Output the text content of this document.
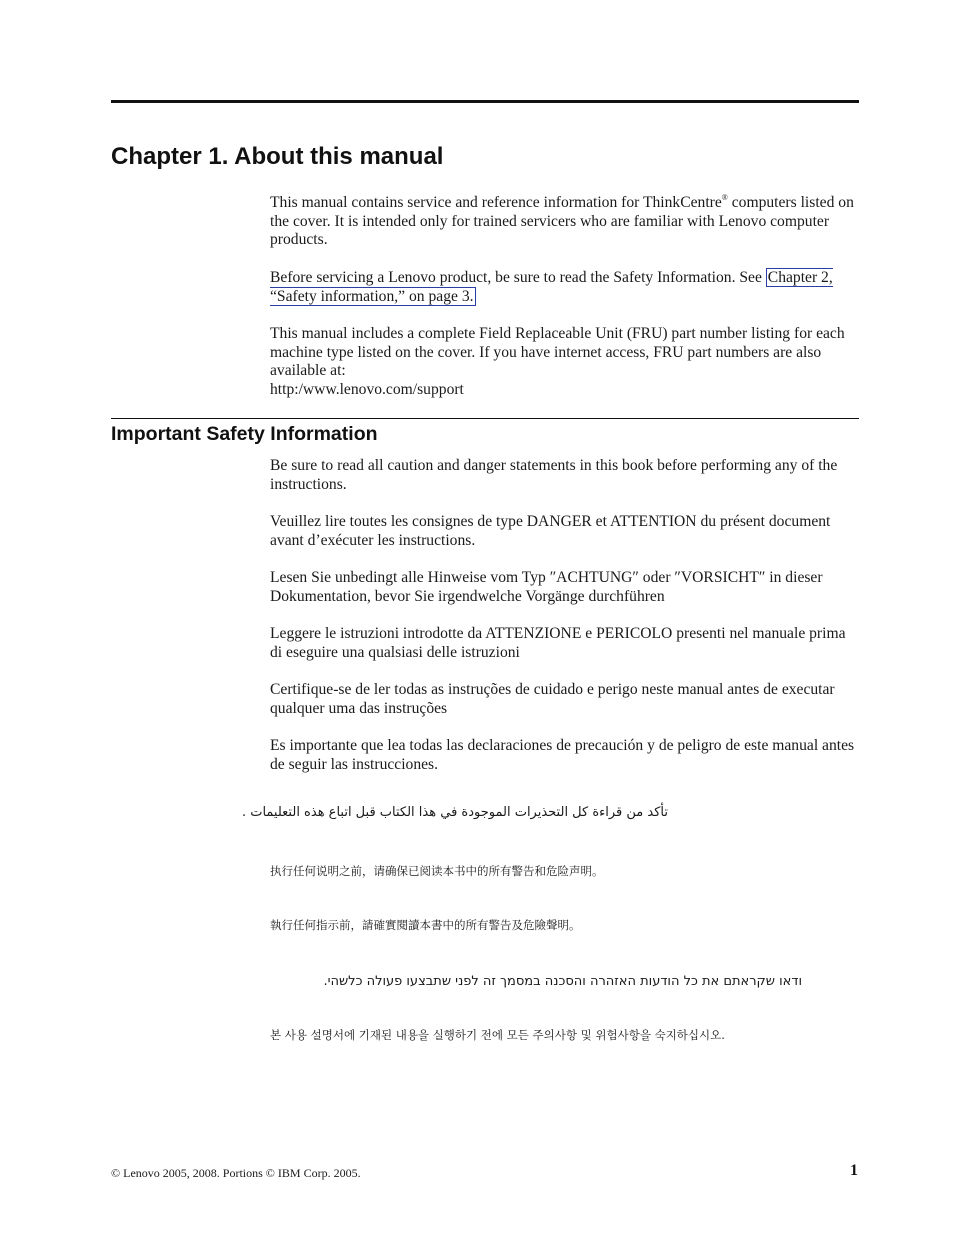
Chapter 1. About this manual

This manual contains service and reference information for ThinkCentre® computers listed on the cover. It is intended only for trained servicers who are familiar with Lenovo computer products.

Before servicing a Lenovo product, be sure to read the Safety Information. See Chapter 2, “Safety information,” on page 3.

This manual includes a complete Field Replaceable Unit (FRU) part number listing for each machine type listed on the cover. If you have internet access, FRU part numbers are also available at:

http:/www.lenovo.com/support

Important Safety Information

Be sure to read all caution and danger statements in this book before performing any of the instructions.

Veuillez lire toutes les consignes de type DANGER et ATTENTION du présent document avant d’exécuter les instructions.

Lesen Sie unbedingt alle Hinweise vom Typ ″ACHTUNG″ oder ″VORSICHT″ in dieser Dokumentation, bevor Sie irgendwelche Vorgänge durchführen

Leggere le istruzioni introdotte da ATTENZIONE e PERICOLO presenti nel manuale prima di eseguire una qualsiasi delle istruzioni

Certifique-se de ler todas as instruções de cuidado e perigo neste manual antes de executar qualquer uma das instruções

Es importante que lea todas las declaraciones de precaución y de peligro de este manual antes de seguir las instrucciones.

تأكد من قراءة كل التحذيرات الموجودة في هذا الكتاب قبل اتباع هذه التعليمات .
执行任何说明之前，请确保已阅读本书中的所有警告和危险声明。
執行任何指示前，請確實閱讀本書中的所有警告及危險聲明。
ודאו שקראתם את כל הודעות האזהרה והסכנה במסמך זה לפני שתבצעו פעולה כלשהי.
본 사용 설명서에 기재된 내용을 실행하기 전에 모든 주의사항 및 위험사항을 숙지하십시오.
© Lenovo 2005, 2008. Portions © IBM Corp. 2005.	1
